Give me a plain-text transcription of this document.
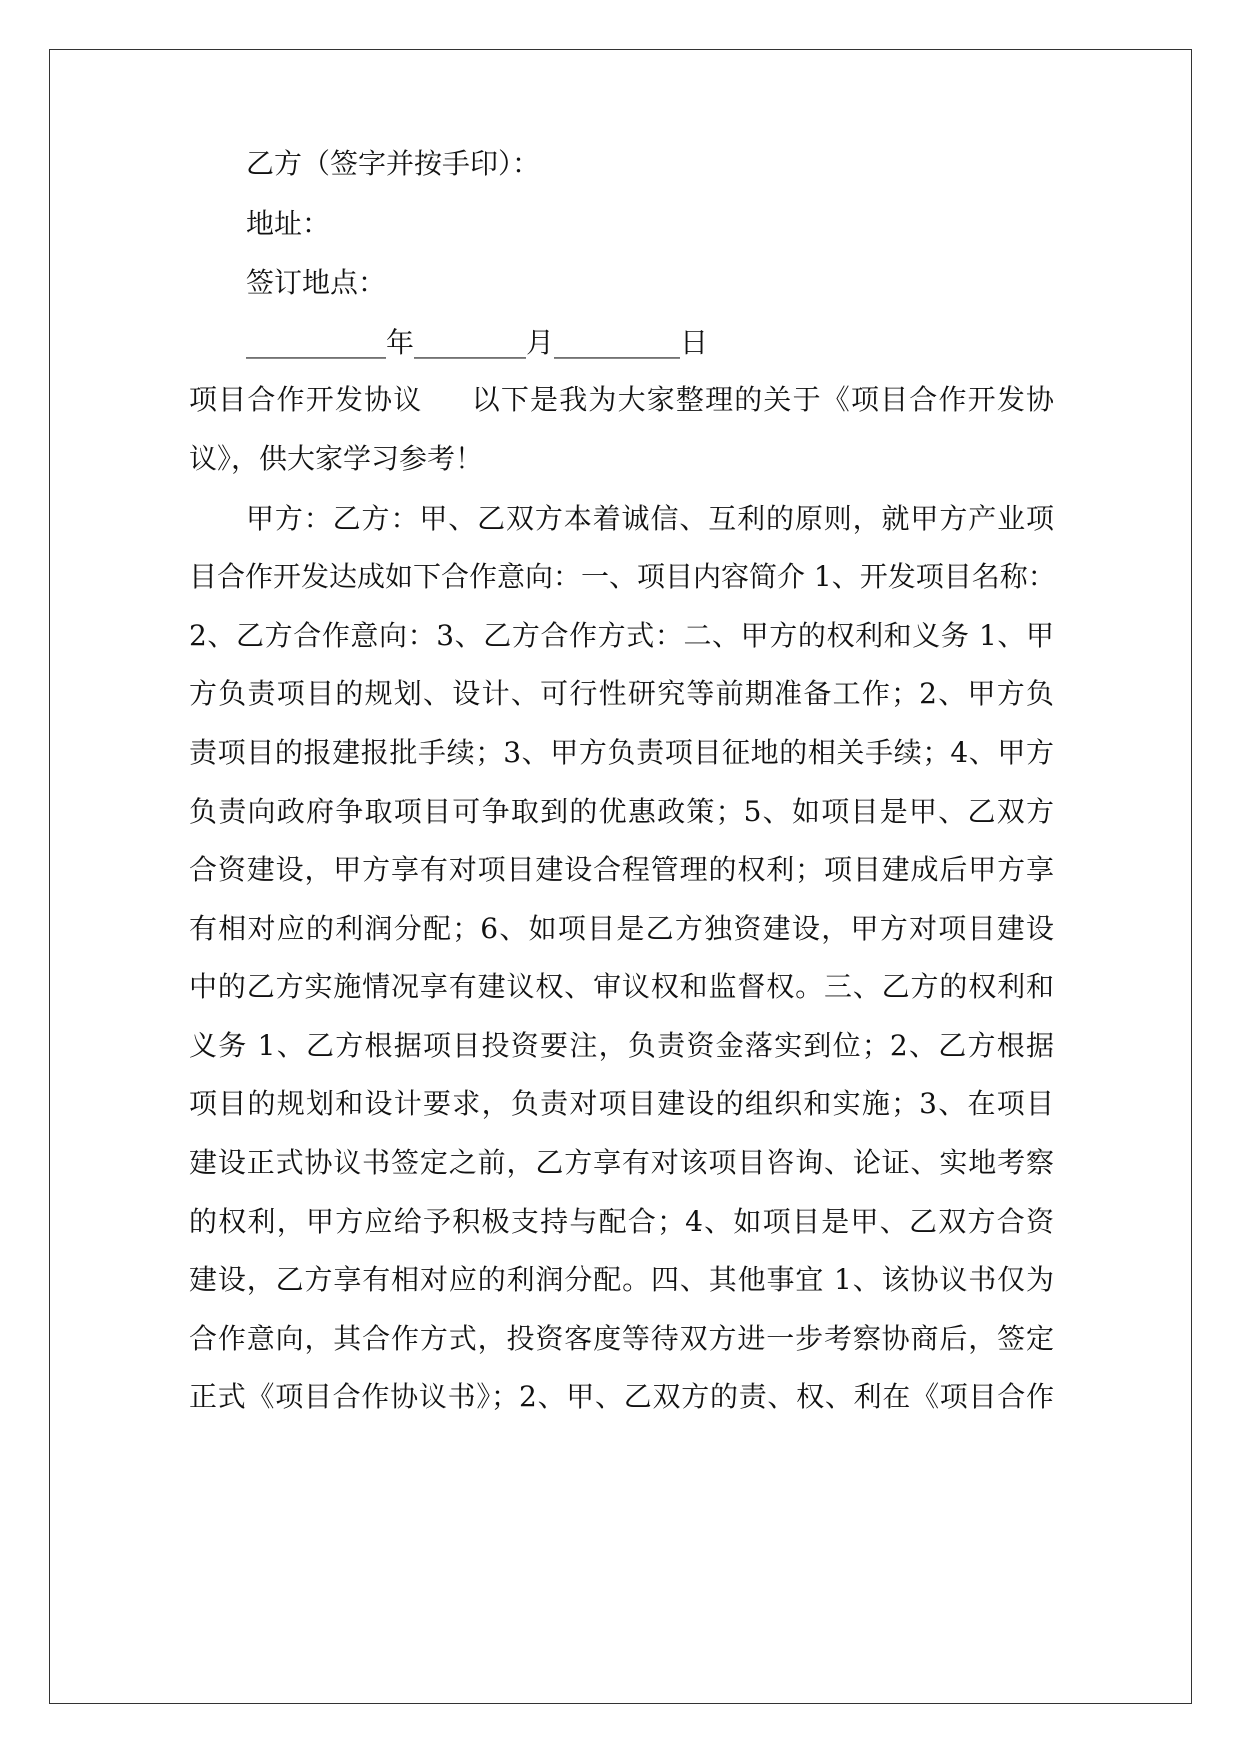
乙方（签字并按手印）：
地址：
签订地点：
__________年________月_________日
项目合作开发协议 　 以下是我为大家整理的关于《项目合作开发协
议》，供大家学习参考！
甲方：乙方：甲、乙双方本着诚信、互利的原则，就甲方产业项
目合作开发达成如下合作意向：一、项目内容简介 1、开发项目名称：
2、乙方合作意向：3、乙方合作方式：二、甲方的权利和义务 1、甲
方负责项目的规划、设计、可行性研究等前期准备工作；2、甲方负
责项目的报建报批手续；3、甲方负责项目征地的相关手续；4、甲方
负责向政府争取项目可争取到的优惠政策；5、如项目是甲、乙双方
合资建设，甲方享有对项目建设合程管理的权利；项目建成后甲方享
有相对应的利润分配；6、如项目是乙方独资建设，甲方对项目建设
中的乙方实施情况享有建议权、审议权和监督权。三、乙方的权利和
义务 1、乙方根据项目投资要注，负责资金落实到位；2、乙方根据
项目的规划和设计要求，负责对项目建设的组织和实施；3、在项目
建设正式协议书签定之前，乙方享有对该项目咨询、论证、实地考察
的权利，甲方应给予积极支持与配合；4、如项目是甲、乙双方合资
建设，乙方享有相对应的利润分配。四、其他事宜 1、该协议书仅为
合作意向，其合作方式，投资客度等待双方进一步考察协商后，签定
正式《项目合作协议书》；2、甲、乙双方的责、权、利在《项目合作
